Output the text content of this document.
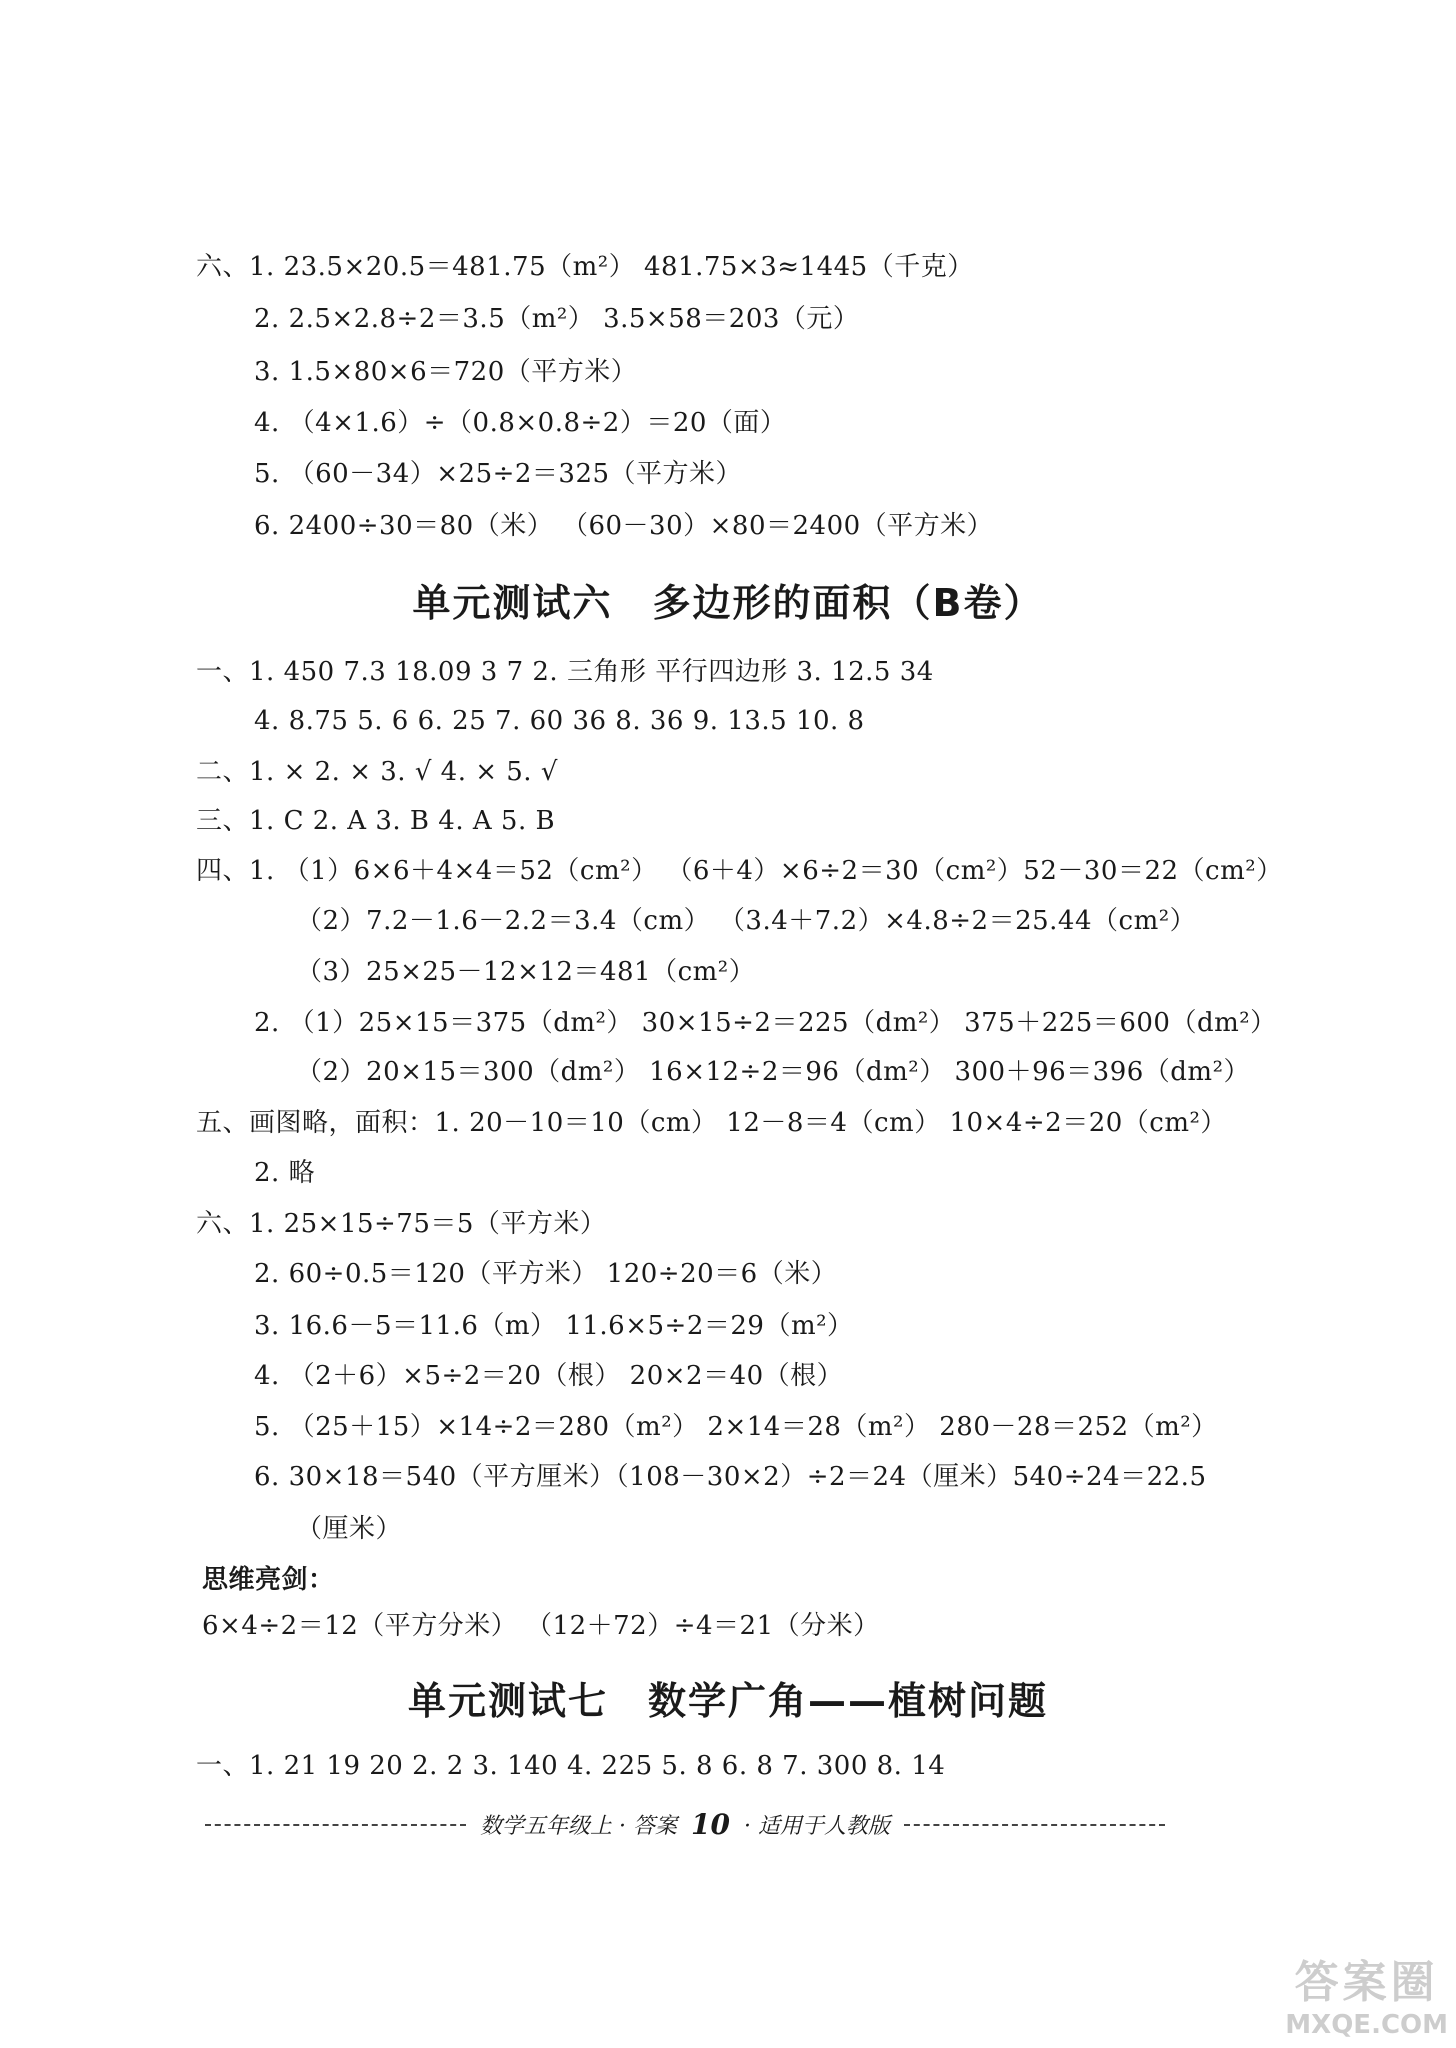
六、1. 23.5×20.5＝481.75（m²） 481.75×3≈1445（千克）
2. 2.5×2.8÷2＝3.5（m²） 3.5×58＝203（元）
3. 1.5×80×6＝720（平方米）
4. （4×1.6）÷（0.8×0.8÷2）＝20（面）
5. （60－34）×25÷2＝325（平方米）
6. 2400÷30＝80（米） （60－30）×80＝2400（平方米）
单元测试六　多边形的面积（B卷）
一、1. 450 7.3 18.09 3 7 2. 三角形 平行四边形 3. 12.5 34
4. 8.75 5. 6 6. 25 7. 60 36 8. 36 9. 13.5 10. 8
二、1. × 2. × 3. √ 4. × 5. √
三、1. C 2. A 3. B 4. A 5. B
四、1. （1）6×6＋4×4＝52（cm²） （6＋4）×6÷2＝30（cm²）52－30＝22（cm²）
（2）7.2－1.6－2.2＝3.4（cm） （3.4＋7.2）×4.8÷2＝25.44（cm²）
（3）25×25－12×12＝481（cm²）
2. （1）25×15＝375（dm²） 30×15÷2＝225（dm²） 375＋225＝600（dm²）
（2）20×15＝300（dm²） 16×12÷2＝96（dm²） 300＋96＝396（dm²）
五、画图略，面积：1. 20－10＝10（cm） 12－8＝4（cm） 10×4÷2＝20（cm²）
2. 略
六、1. 25×15÷75＝5（平方米）
2. 60÷0.5＝120（平方米） 120÷20＝6（米）
3. 16.6－5＝11.6（m） 11.6×5÷2＝29（m²）
4. （2＋6）×5÷2＝20（根） 20×2＝40（根）
5. （25＋15）×14÷2＝280（m²） 2×14＝28（m²） 280－28＝252（m²）
6. 30×18＝540（平方厘米）（108－30×2）÷2＝24（厘米）540÷24＝22.5
（厘米）
思维亮剑：
6×4÷2＝12（平方分米） （12＋72）÷4＝21（分米）
单元测试七　数学广角——植树问题
一、1. 21 19 20 2. 2 3. 140 4. 225 5. 8 6. 8 7. 300 8. 14
数学五年级上 · 答案 10 · 适用于人教版
答案圈
MXQE.COM
